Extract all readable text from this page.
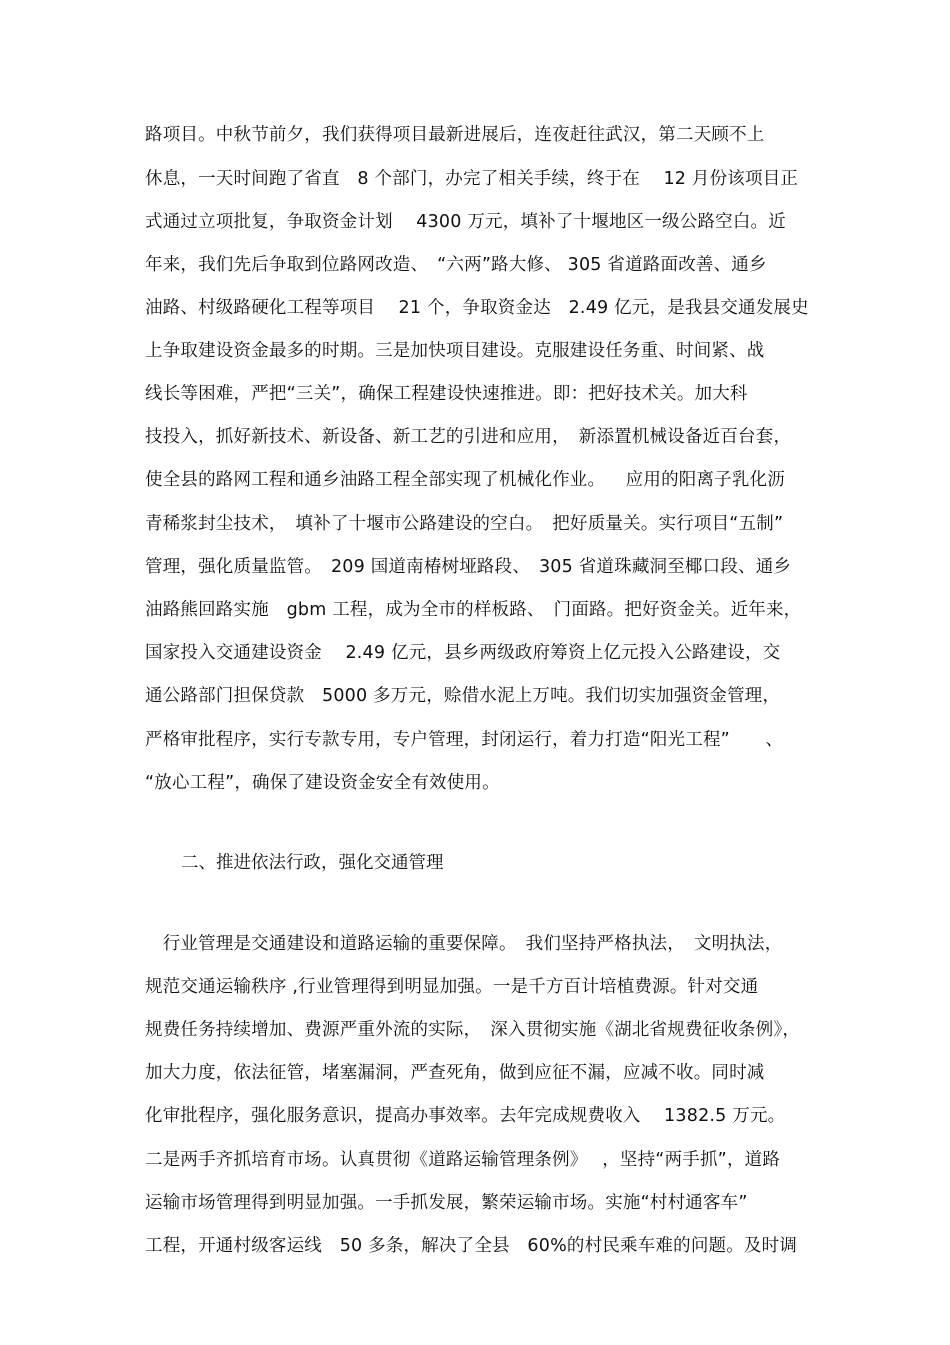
路项目。中秋节前夕，我们获得项目最新进展后，连夜赶往武汉，第二天顾不上
休息，一天时间跑了省直　8 个部门，办完了相关手续，终于在　 12 月份该项目正
式通过立项批复，争取资金计划　 4300 万元，填补了十堰地区一级公路空白。近
年来，我们先后争取到位路网改造、　“六两”路大修、 305 省道路面改善、通乡
油路、村级路硬化工程等项目　 21 个，争取资金达　2.49 亿元，是我县交通发展史
上争取建设资金最多的时期。三是加快项目建设。克服建设任务重、时间紧、战
线长等困难，严把“三关”，确保工程建设快速推进。即：把好技术关。加大科
技投入，抓好新技术、新设备、新工艺的引进和应用，　新添置机械设备近百台套，
使全县的路网工程和通乡油路工程全部实现了机械化作业。　  应用的阳离子乳化沥
青稀浆封尘技术，　填补了十堰市公路建设的空白。　把好质量关。实行项目“五制”
管理，强化质量监管。　209 国道南椿树垭路段、　305 省道珠藏洞至椰口段、通乡
油路熊回路实施　gbm 工程，成为全市的样板路、　门面路。把好资金关。近年来，
国家投入交通建设资金　 2.49 亿元，县乡两级政府筹资上亿元投入公路建设，交
通公路部门担保贷款　5000 多万元，赊借水泥上万吨。我们切实加强资金管理，
严格审批程序，实行专款专用，专户管理，封闭运行，着力打造“阳光工程”　　、
“放心工程”，确保了建设资金安全有效使用。
二、推进依法行政，强化交通管理
　行业管理是交通建设和道路运输的重要保障。　我们坚持严格执法，　文明执法，
规范交通运输秩序 ,行业管理得到明显加强。一是千方百计培植费源。针对交通
规费任务持续增加、费源严重外流的实际，　深入贯彻实施《湖北省规费征收条例》，
加大力度，依法征管，堵塞漏洞，严查死角，做到应征不漏，应减不收。同时减
化审批程序，强化服务意识，提高办事效率。去年完成规费收入　 1382.5 万元。
二是两手齐抓培育市场。认真贯彻《道路运输管理条例》　 ，坚持“两手抓”，道路
运输市场管理得到明显加强。一手抓发展，繁荣运输市场。实施“村村通客车”
工程，开通村级客运线　50 多条，解决了全县　60%的村民乘车难的问题。及时调
